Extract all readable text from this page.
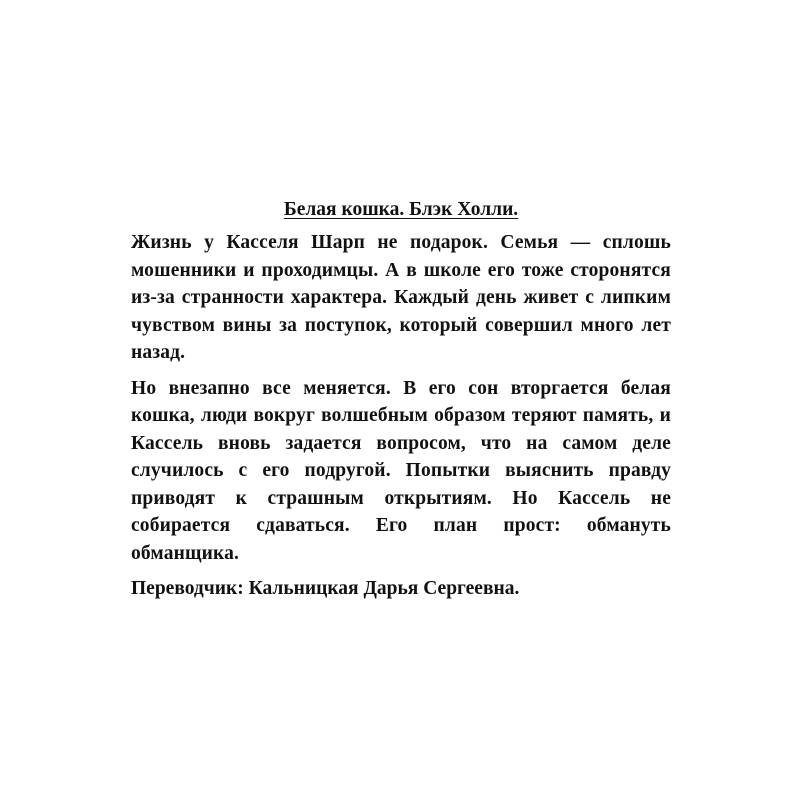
Белая кошка. Блэк Холли.

Жизнь у Касселя Шарп не подарок. Семья — сплошь мошенники и проходимцы. А в школе его тоже сторонятся из-за странности характера. Каждый день живет с липким чувством вины за поступок, который совершил много лет назад.

Но внезапно все меняется. В его сон вторгается белая кошка, люди вокруг волшебным образом теряют память, и Кассель вновь задается вопросом, что на самом деле случилось с его подругой. Попытки выяснить правду приводят к страшным открытиям. Но Кассель не собирается сдаваться. Его план прост: обмануть обманщика.

Переводчик: Кальницкая Дарья Сергеевна.
